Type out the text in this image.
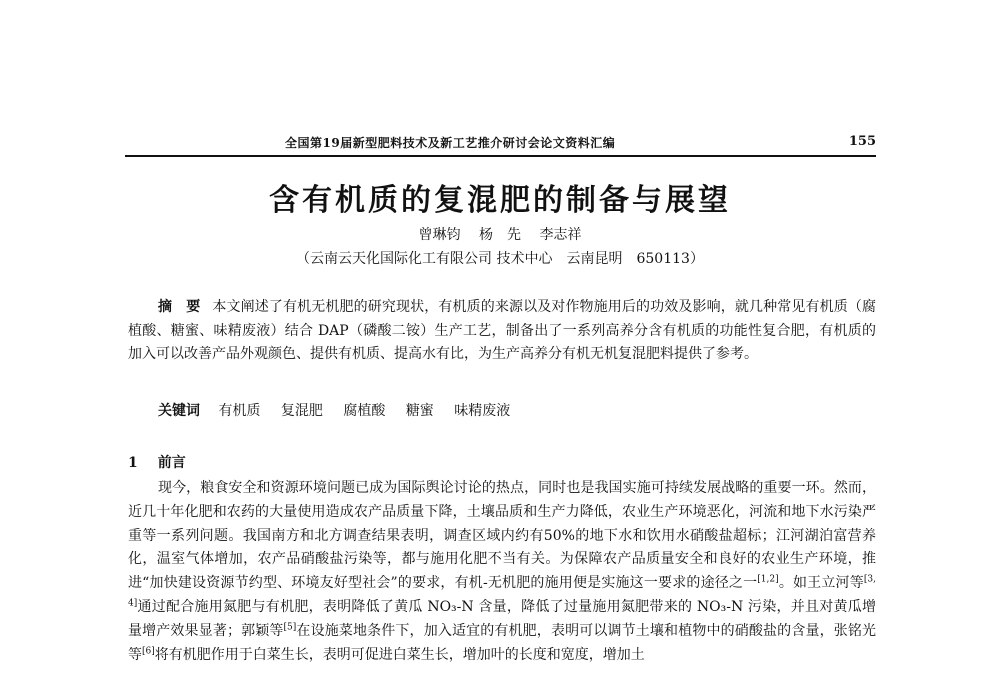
全国第19届新型肥料技术及新工艺推介研讨会论文资料汇编	155
含有机质的复混肥的制备与展望
曾琳钧 杨　先 李志祥
（云南云天化国际化工有限公司 技术中心　云南昆明　650113）
摘　要 本文阐述了有机无机肥的研究现状，有机质的来源以及对作物施用后的功效及影响，就几种常见有机质（腐植酸、糖蜜、味精废液）结合 DAP（磷酸二铵）生产工艺，制备出了一系列高养分含有机质的功能性复合肥，有机质的加入可以改善产品外观颜色、提供有机质、提高水有比，为生产高养分有机无机复混肥料提供了参考。
关键词 有机质 复混肥 腐植酸 糖蜜 味精废液
1 前言
现今，粮食安全和资源环境问题已成为国际舆论讨论的热点，同时也是我国实施可持续发展战略的重要一环。然而，近几十年化肥和农药的大量使用造成农产品质量下降，土壤品质和生产力降低，农业生产环境恶化，河流和地下水污染严重等一系列问题。我国南方和北方调查结果表明，调查区域内约有50%的地下水和饮用水硝酸盐超标；江河湖泊富营养化，温室气体增加，农产品硝酸盐污染等，都与施用化肥不当有关。为保障农产品质量安全和良好的农业生产环境，推进“加快建设资源节约型、环境友好型社会”的要求，有机-无机肥的施用便是实施这一要求的途径之一[1,2]。如王立河等[3, 4]通过配合施用氮肥与有机肥，表明降低了黄瓜 NO₃-N 含量，降低了过量施用氮肥带来的 NO₃-N 污染，并且对黄瓜增量增产效果显著；郭颖等[5]在设施菜地条件下，加入适宜的有机肥，表明可以调节土壤和植物中的硝酸盐的含量，张铭光等[6]将有机肥作用于白菜生长，表明可促进白菜生长，增加叶的长度和宽度，增加土
